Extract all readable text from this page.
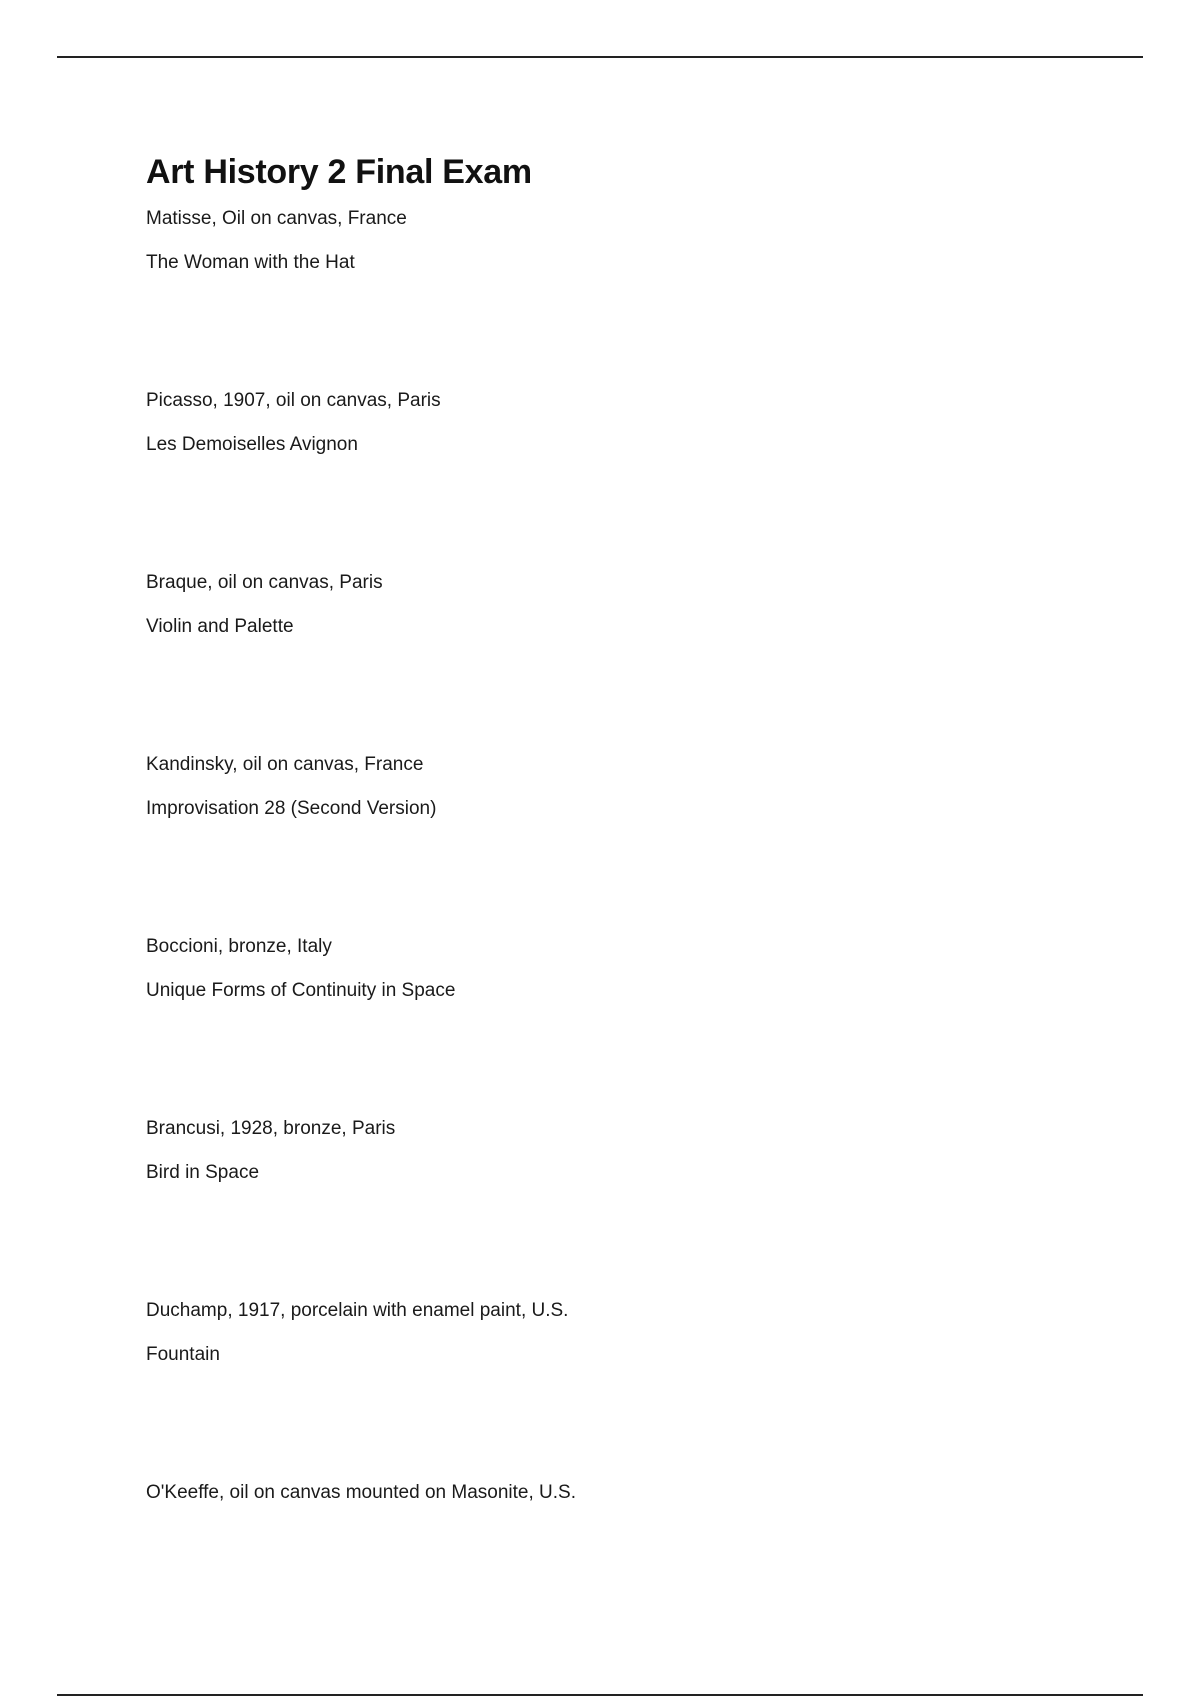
Art History 2 Final Exam

Matisse, Oil on canvas, France

The Woman with the Hat

Picasso, 1907, oil on canvas, Paris

Les Demoiselles Avignon

Braque, oil on canvas, Paris

Violin and Palette

Kandinsky, oil on canvas, France

Improvisation 28 (Second Version)

Boccioni, bronze, Italy

Unique Forms of Continuity in Space

Brancusi, 1928, bronze, Paris

Bird in Space

Duchamp, 1917, porcelain with enamel paint, U.S.

Fountain

O'Keeffe, oil on canvas mounted on Masonite, U.S.
